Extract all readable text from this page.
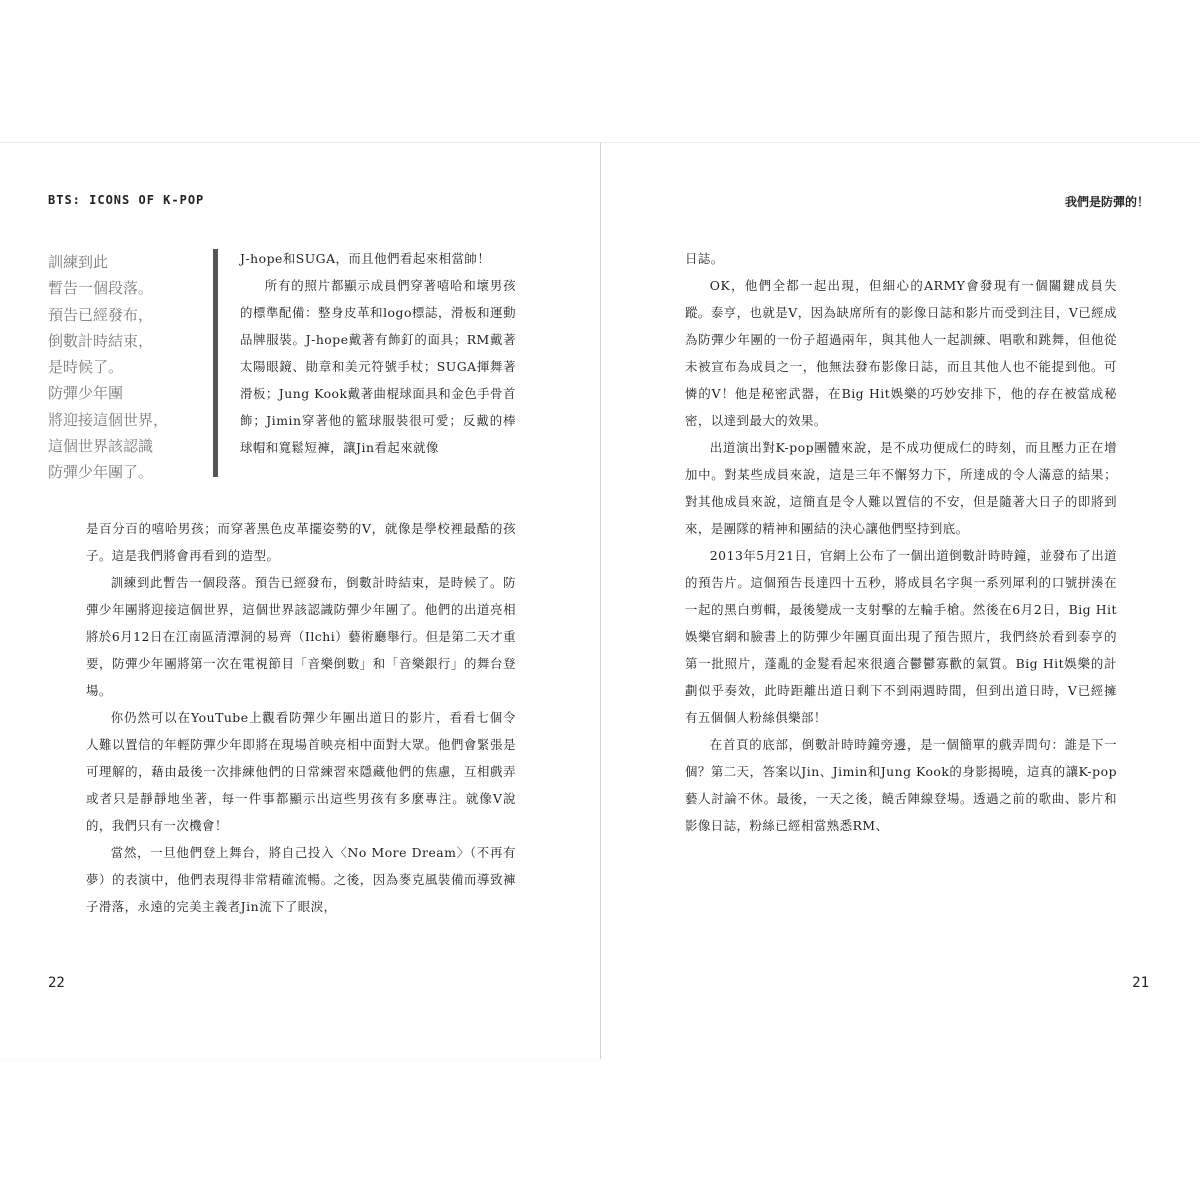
BTS: ICONS OF K-POP
訓練到此
暫告一個段落。
預告已經發布，
倒數計時結束，
是時候了。
防彈少年團
將迎接這個世界，
這個世界該認識
防彈少年團了。

J-hope和SUGA，而且他們看起來相當帥！

所有的照片都顯示成員們穿著嘻哈和壞男孩的標準配備：整身皮革和logo標誌，滑板和運動品牌服裝。J-hope戴著有飾釘的面具；RM戴著太陽眼鏡、勛章和美元符號手杖；SUGA揮舞著滑板；Jung Kook戴著曲棍球面具和金色手骨首飾；Jimin穿著他的籃球服裝很可愛；反戴的棒球帽和寬鬆短褲，讓Jin看起來就像

是百分百的嘻哈男孩；而穿著黑色皮革擺姿勢的V，就像是學校裡最酷的孩子。這是我們將會再看到的造型。

訓練到此暫告一個段落。預告已經發布，倒數計時結束，是時候了。防彈少年團將迎接這個世界，這個世界該認識防彈少年團了。他們的出道亮相將於6月12日在江南區清潭洞的易齊（Ilchi）藝術廳舉行。但是第二天才重要，防彈少年團將第一次在電視節目「音樂倒數」和「音樂銀行」的舞台登場。

你仍然可以在YouTube上觀看防彈少年團出道日的影片，看看七個令人難以置信的年輕防彈少年即將在現場首映亮相中面對大眾。他們會緊張是可理解的，藉由最後一次排練他們的日常練習來隱藏他們的焦慮，互相戲弄或者只是靜靜地坐著，每一件事都顯示出這些男孩有多麼專注。就像V說的，我們只有一次機會！

當然，一旦他們登上舞台，將自己投入〈No More Dream〉（不再有夢）的表演中，他們表現得非常精確流暢。之後，因為麥克風裝備而導致褲子滑落，永遠的完美主義者Jin流下了眼淚，

22
我們是防彈的！

日誌。

OK，他們全都一起出現，但細心的ARMY會發現有一個關鍵成員失蹤。泰亨，也就是V，因為缺席所有的影像日誌和影片而受到注目，V已經成為防彈少年團的一份子超過兩年，與其他人一起訓練、唱歌和跳舞，但他從未被宣布為成員之一，他無法發布影像日誌，而且其他人也不能提到他。可憐的V！他是秘密武器，在Big Hit娛樂的巧妙安排下，他的存在被當成秘密，以達到最大的效果。

出道演出對K-pop團體來說，是不成功便成仁的時刻，而且壓力正在增加中。對某些成員來說，這是三年不懈努力下，所達成的令人滿意的結果；對其他成員來說，這簡直是令人難以置信的不安，但是隨著大日子的即將到來，是團隊的精神和團結的決心讓他們堅持到底。

2013年5月21日，官網上公布了一個出道倒數計時時鐘，並發布了出道的預告片。這個預告長達四十五秒，將成員名字與一系列犀利的口號拼湊在一起的黑白剪輯，最後變成一支射擊的左輪手槍。然後在6月2日，Big Hit娛樂官網和臉書上的防彈少年團頁面出現了預告照片，我們終於看到泰亨的第一批照片，蓬亂的金髮看起來很適合鬱鬱寡歡的氣質。Big Hit娛樂的計劃似乎奏效，此時距離出道日剩下不到兩週時間，但到出道日時，V已經擁有五個個人粉絲俱樂部！

在首頁的底部，倒數計時時鐘旁邊，是一個簡單的戲弄問句：誰是下一個？第二天，答案以Jin、Jimin和Jung Kook的身影揭曉，這真的讓K-pop藝人討論不休。最後，一天之後，饒舌陣線登場。透過之前的歌曲、影片和影像日誌，粉絲已經相當熟悉RM、

21
